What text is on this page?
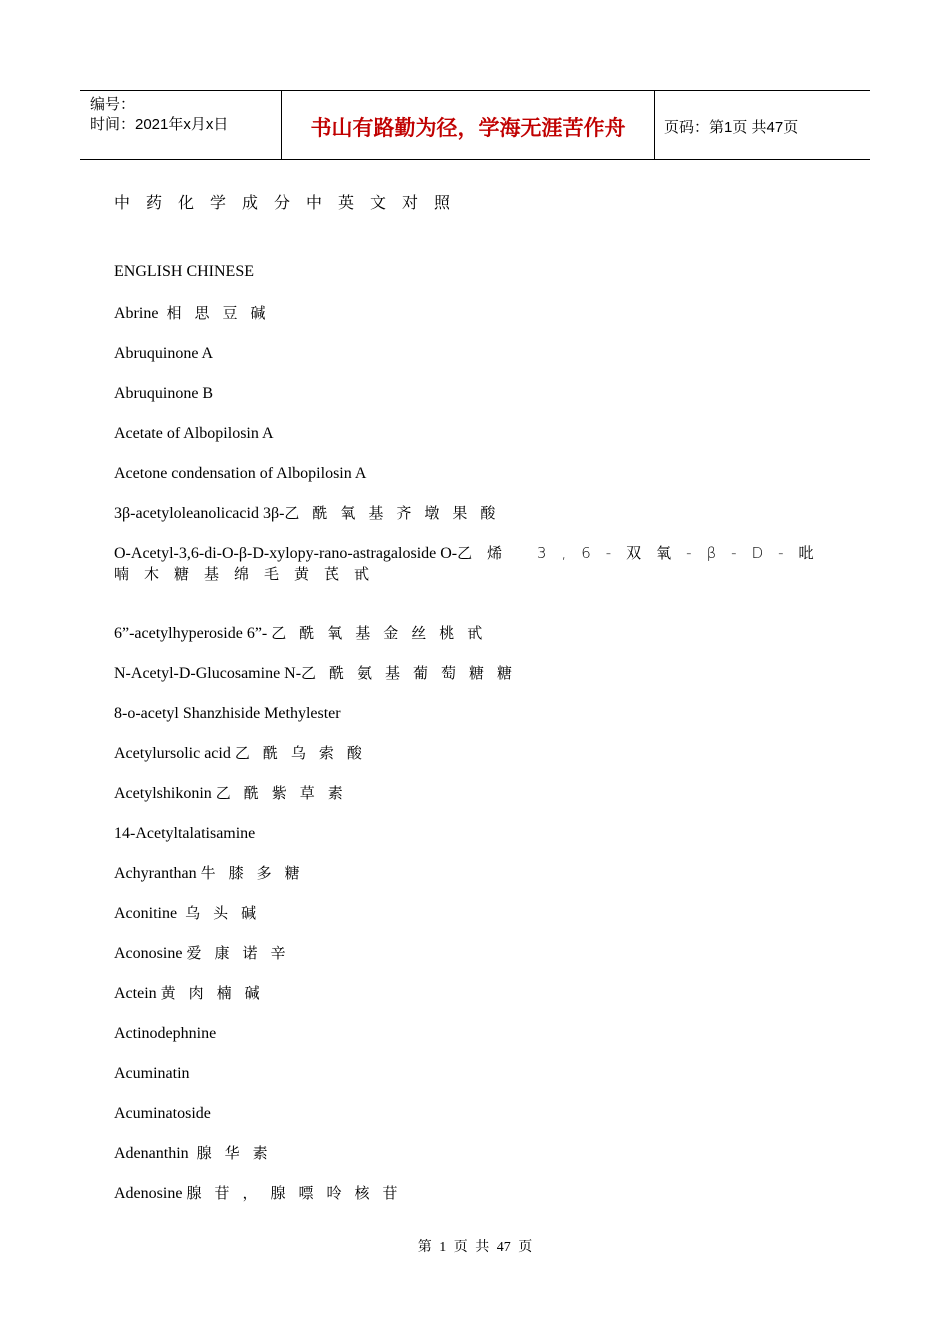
编号：
时间：2021年x月x日	书山有路勤为径，学海无涯苦作舟	页码：第1页 共47页
中药化学成分中英文对照
ENGLISH CHINESE
Abrine  相思豆碱
Abruquinone A
Abruquinone B
Acetate of Albopilosin A
Acetone condensation of Albopilosin A
3β-acetyloleanolicacid 3β-乙酰氧基齐墩果酸
O-Acetyl-3,6-di-O-β-D-xylopy-rano-astragaloside O-乙烯 3,6-双氧-β-D-吡喃木糖基绵毛黄芪甙
6”-acetylhyperoside 6”- 乙酰氧基金丝桃甙
N-Acetyl-D-Glucosamine N-乙酰氨基葡萄糖糖
8-o-acetyl Shanzhiside Methylester
Acetylursolic acid 乙酰乌索酸
Acetylshikonin 乙酰紫草素
14-Acetyltalatisamine
Achyranthan 牛膝多糖
Aconitine  乌头碱
Aconosine 爱康诺辛
Actein 黄肉楠碱
Actinodephnine
Acuminatin
Acuminatoside
Adenanthin  腺华素
Adenosine 腺苷，腺嘌呤核苷
第 1 页 共 47 页
